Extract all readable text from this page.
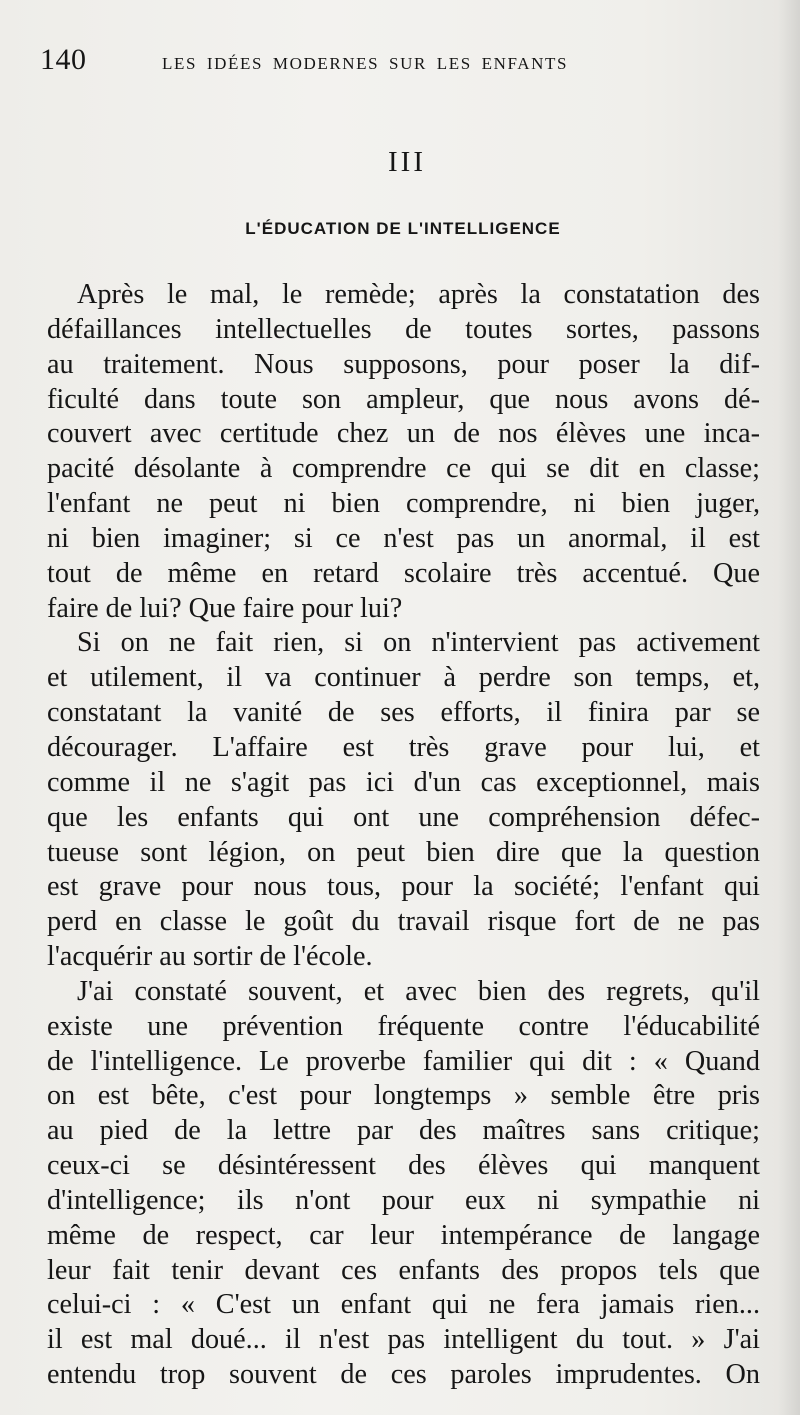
140	LES IDÉES MODERNES SUR LES ENFANTS
III
L'ÉDUCATION DE L'INTELLIGENCE
Après le mal, le remède; après la constatation des
défaillances intellectuelles de toutes sortes, passons
au traitement. Nous supposons, pour poser la dif-
ficulté dans toute son ampleur, que nous avons dé-
couvert avec certitude chez un de nos élèves une inca-
pacité désolante à comprendre ce qui se dit en classe;
l'enfant ne peut ni bien comprendre, ni bien juger,
ni bien imaginer; si ce n'est pas un anormal, il est
tout de même en retard scolaire très accentué. Que
faire de lui? Que faire pour lui?
Si on ne fait rien, si on n'intervient pas activement
et utilement, il va continuer à perdre son temps, et,
constatant la vanité de ses efforts, il finira par se
décourager. L'affaire est très grave pour lui, et
comme il ne s'agit pas ici d'un cas exceptionnel, mais
que les enfants qui ont une compréhension défec-
tueuse sont légion, on peut bien dire que la question
est grave pour nous tous, pour la société; l'enfant qui
perd en classe le goût du travail risque fort de ne pas
l'acquérir au sortir de l'école.
J'ai constaté souvent, et avec bien des regrets, qu'il
existe une prévention fréquente contre l'éducabilité
de l'intelligence. Le proverbe familier qui dit : « Quand
on est bête, c'est pour longtemps » semble être pris
au pied de la lettre par des maîtres sans critique;
ceux-ci se désintéressent des élèves qui manquent
d'intelligence; ils n'ont pour eux ni sympathie ni
même de respect, car leur intempérance de langage
leur fait tenir devant ces enfants des propos tels que
celui-ci : « C'est un enfant qui ne fera jamais rien...
il est mal doué... il n'est pas intelligent du tout. » J'ai
entendu trop souvent de ces paroles imprudentes. On
